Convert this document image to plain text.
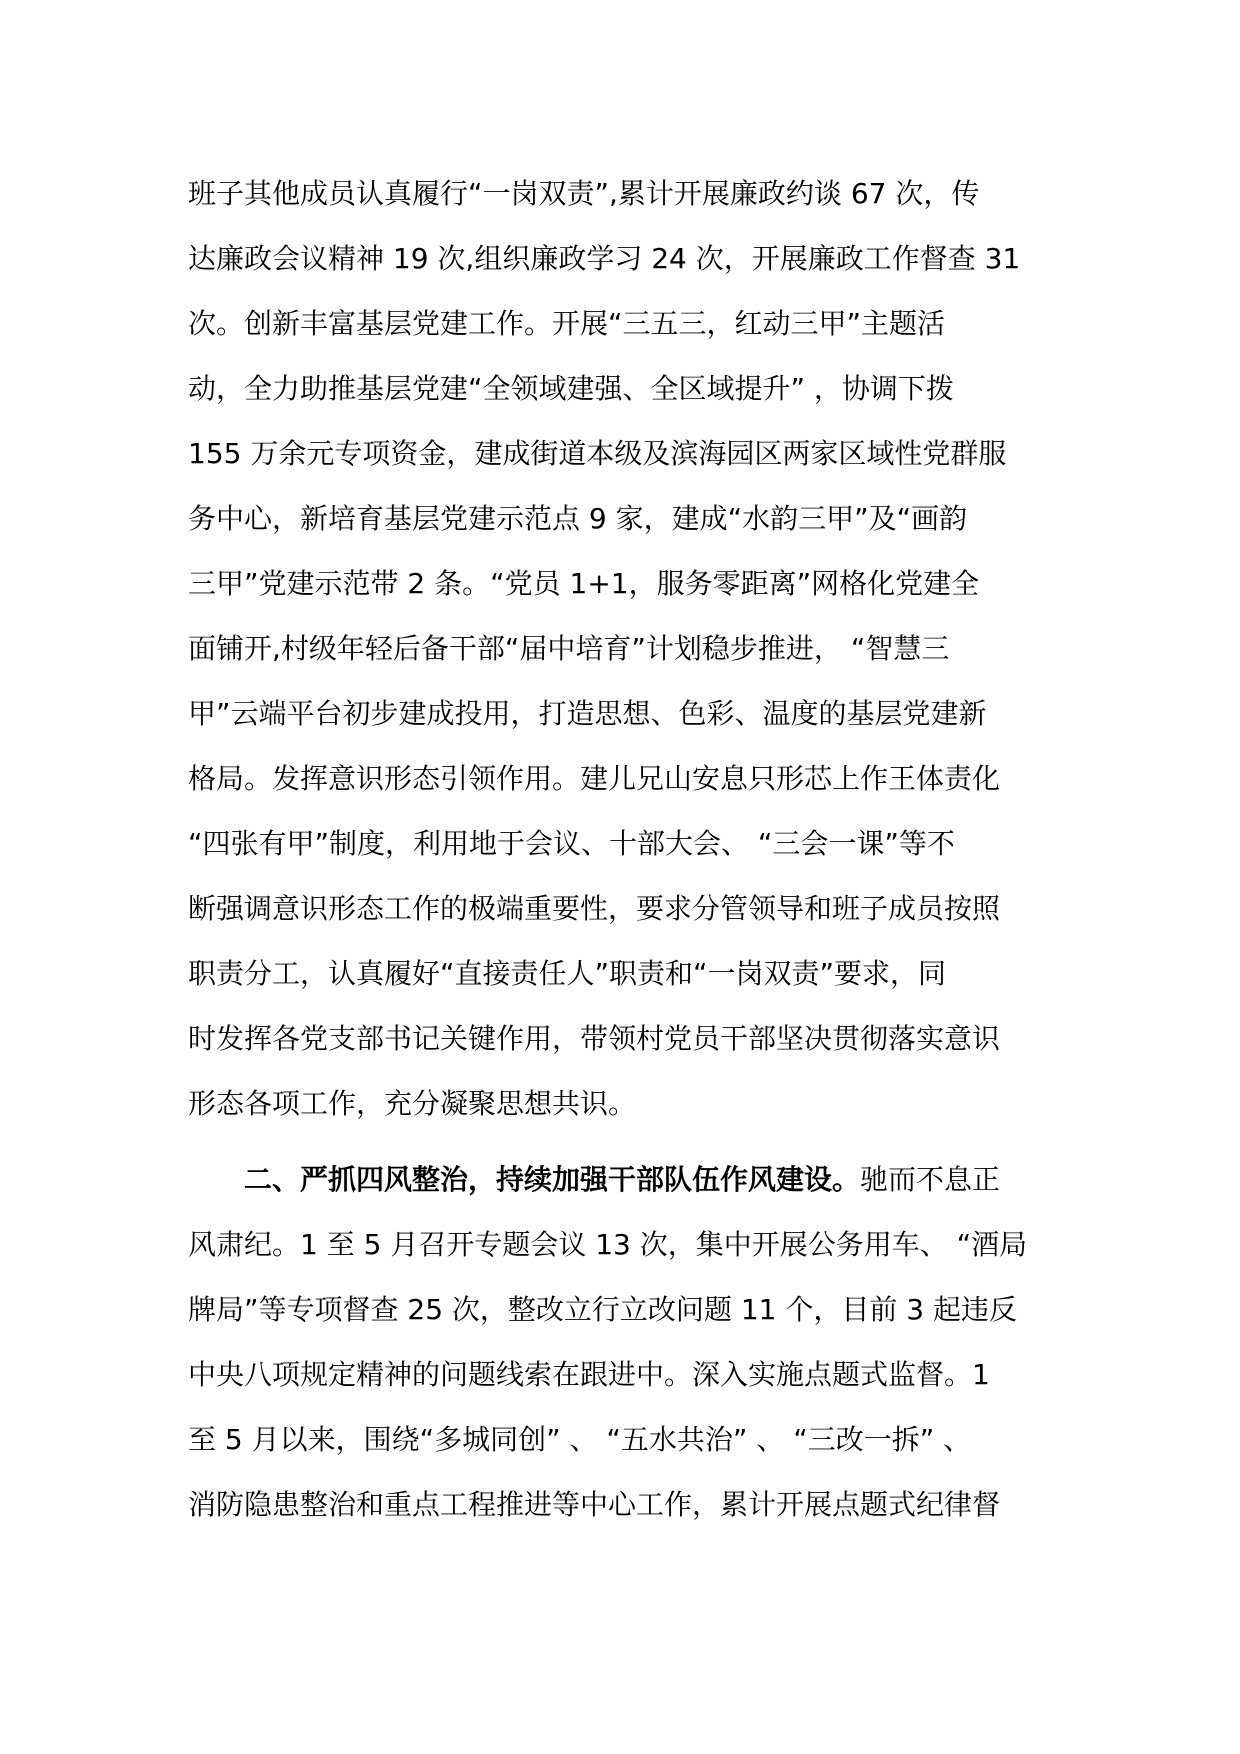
班子其他成员认真履行“一岗双责”,累计开展廉政约谈 67 次，传
达廉政会议精神 19 次,组织廉政学习 24 次，开展廉政工作督查 31
次。创新丰富基层党建工作。开展“三五三，红动三甲”主题活
动，全力助推基层党建“全领域建强、全区域提升” ，协调下拨
155 万余元专项资金，建成街道本级及滨海园区两家区域性党群服
务中心，新培育基层党建示范点 9 家，建成“水韵三甲”及“画韵
三甲”党建示范带 2 条。“党员 1+1，服务零距离”网格化党建全
面铺开,村级年轻后备干部“届中培育”计划稳步推进， “智慧三
甲”云端平台初步建成投用，打造思想、色彩、温度的基层党建新
格局。发挥意识形态引领作用。建儿兄山安息只形芯上作王体责化
“四张有甲”制度，利用地于会议、十部大会、 “三会一课”等不
断强调意识形态工作的极端重要性，要求分管领导和班子成员按照
职责分工，认真履好“直接责任人”职责和“一岗双责”要求，同
时发挥各党支部书记关键作用，带领村党员干部坚决贯彻落实意识
形态各项工作，充分凝聚思想共识。
二、严抓四风整治，持续加强干部队伍作风建设。驰而不息正
风肃纪。1 至 5 月召开专题会议 13 次，集中开展公务用车、 “酒局
牌局”等专项督查 25 次，整改立行立改问题 11 个，目前 3 起违反
中央八项规定精神的问题线索在跟进中。深入实施点题式监督。1
至 5 月以来，围绕“多城同创” 、 “五水共治” 、 “三改一拆” 、
消防隐患整治和重点工程推进等中心工作，累计开展点题式纪律督
